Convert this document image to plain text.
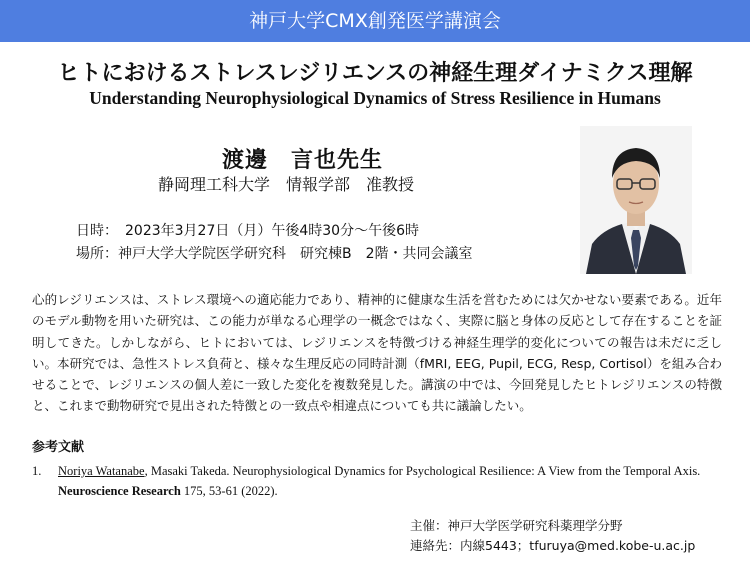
神戸大学CMX創発医学講演会
ヒトにおけるストレスレジリエンスの神経生理ダイナミクス理解
Understanding Neurophysiological Dynamics of Stress Resilience in Humans
渡邊　言也先生
静岡理工科大学　情報学部　准教授
日時：　2023年3月27日（月）午後4時30分～午後6時
場所：神戸大学大学院医学研究科　研究棟B　2階・共同会議室
心的レジリエンスは、ストレス環境への適応能力であり、精神的に健康な生活を営むためには欠かせない要素である。近年のモデル動物を用いた研究は、この能力が単なる心理学の一概念ではなく、実際に脳と身体の反応として存在することを証明してきた。しかしながら、ヒトにおいては、レジリエンスを特徴づける神経生理学的変化についての報告は未だに乏しい。本研究では、急性ストレス負荷と、様々な生理反応の同時計測（fMRI, EEG, Pupil, ECG, Resp, Cortisol）を組み合わせることで、レジリエンスの個人差に一致した変化を複数発見した。講演の中では、今回発見したヒトレジリエンスの特徴と、これまで動物研究で見出された特徴との一致点や相違点についても共に議論したい。
参考文献
1. Noriya Watanabe, Masaki Takeda. Neurophysiological Dynamics for Psychological Resilience: A View from the Temporal Axis. Neuroscience Research 175, 53-61 (2022).
主催：神戸大学医学研究科薬理学分野
連絡先：内線5443；tfuruya@med.kobe-u.ac.jp
